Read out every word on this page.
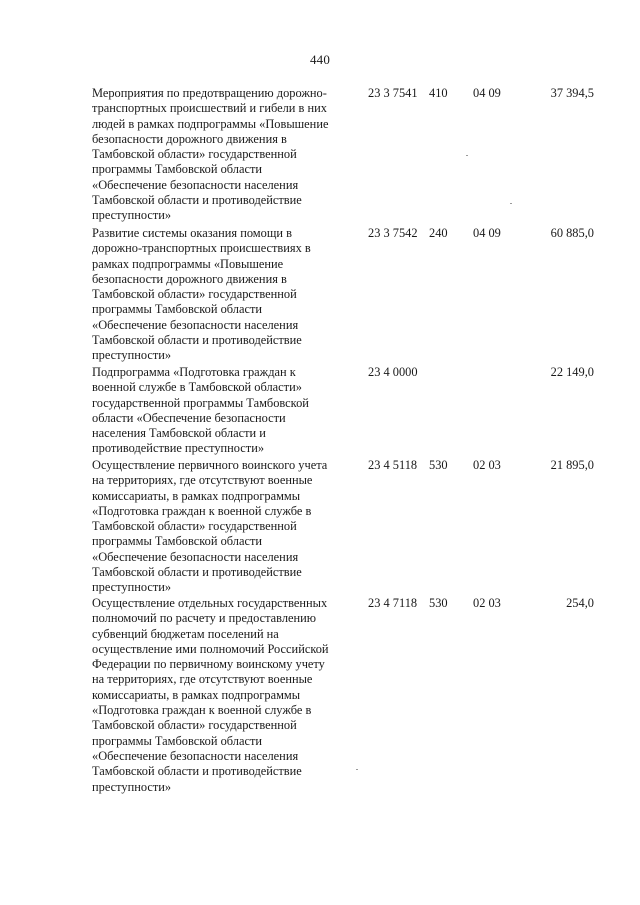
440
Мероприятия по предотвращению дорожно-
транспортных происшествий и гибели в них
людей в рамках подпрограммы «Повышение
безопасности дорожного движения в
Тамбовской области» государственной
программы Тамбовской области
«Обеспечение безопасности населения
Тамбовской области и противодействие
преступности»
23 3 7541 410 04 09	37 394,5
Развитие системы оказания помощи в
дорожно-транспортных происшествиях в
рамках подпрограммы «Повышение
безопасности дорожного движения в
Тамбовской области» государственной
программы Тамбовской области
«Обеспечение безопасности населения
Тамбовской области и противодействие
преступности»
23 3 7542 240 04 09	60 885,0
Подпрограмма «Подготовка граждан к
военной службе в Тамбовской области»
государственной программы Тамбовской
области «Обеспечение безопасности
населения Тамбовской области и
противодействие преступности»
23 4 0000	22 149,0
Осуществление первичного воинского учета
на территориях, где отсутствуют военные
комиссариаты, в рамках подпрограммы
«Подготовка граждан к военной службе в
Тамбовской области» государственной
программы Тамбовской области
«Обеспечение безопасности населения
Тамбовской области и противодействие
преступности»
23 4 5118 530 02 03	21 895,0
Осуществление отдельных государственных
полномочий по расчету и предоставлению
субвенций бюджетам поселений на
осуществление ими полномочий Российской
Федерации по первичному воинскому учету
на территориях, где отсутствуют военные
комиссариаты, в рамках подпрограммы
«Подготовка граждан к военной службе в
Тамбовской области» государственной
программы Тамбовской области
«Обеспечение безопасности населения
Тамбовской области и противодействие
преступности»
23 4 7118 530 02 03	254,0
